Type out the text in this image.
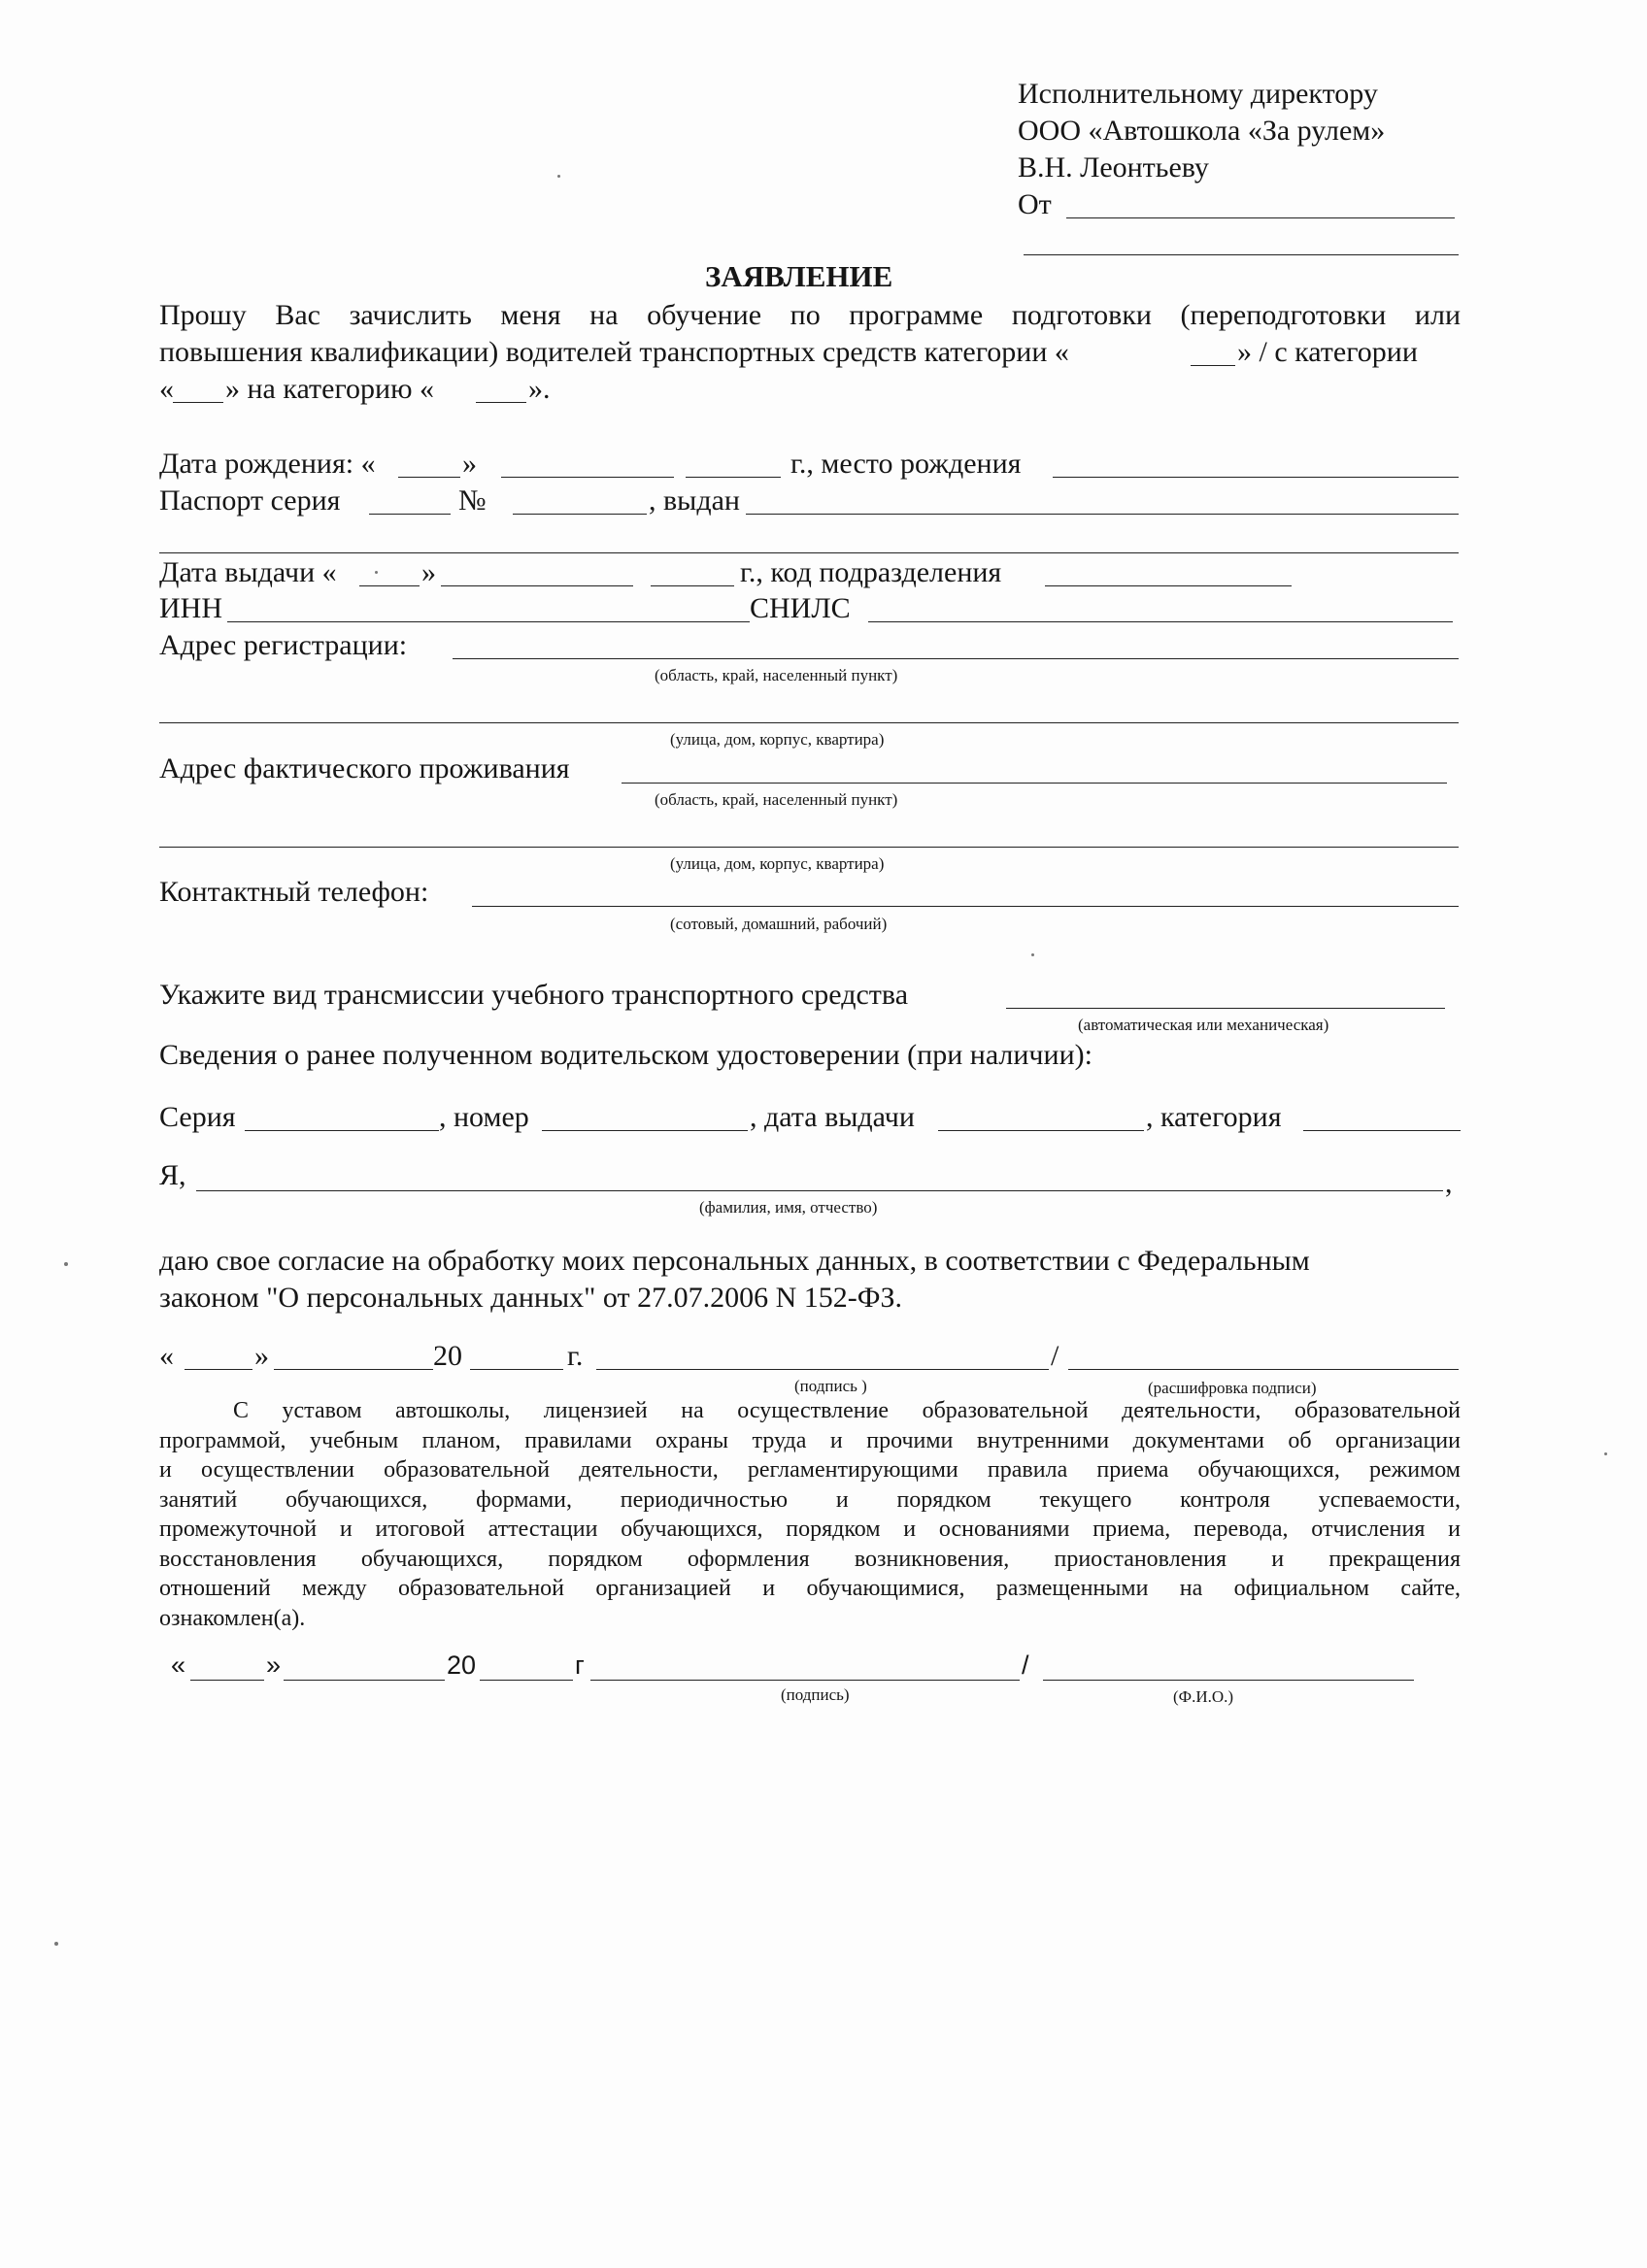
Исполнительному директору
ООО «Автошкола «За рулем»
В.Н. Леонтьеву
От
ЗАЯВЛЕНИЕ
Прошу Вас зачислить меня на обучение по программе подготовки (переподготовки или
повышения квалификации) водителей транспортных средств категории «	» / с категории
« » на категорию «	».
Дата рождения: «	»	г., место рождения
Паспорт серия	№	, выдан
Дата выдачи «	»	г., код подразделения
ИНН	СНИЛС
Адрес регистрации:
(область, край, населенный пункт)
(улица, дом, корпус, квартира)
Адрес фактического проживания
(область, край, населенный пункт)
(улица, дом, корпус, квартира)
Контактный телефон:
(сотовый, домашний, рабочий)
Укажите вид трансмиссии учебного транспортного средства
(автоматическая или механическая)
Сведения о ранее полученном водительском удостоверении (при наличии):
Серия	, номер	, дата выдачи	, категория
Я,	,
(фамилия, имя, отчество)
даю свое согласие на обработку моих персональных данных, в соответствии с Федеральным
законом "О персональных данных" от 27.07.2006 N 152-ФЗ.
«	»	20	г.	/
(подпись )	(расшифровка подписи)
С уставом автошколы, лицензией на осуществление образовательной деятельности, образовательной
программой, учебным планом, правилами охраны труда и прочими внутренними документами об организации
и осуществлении образовательной деятельности, регламентирующими правила приема обучающихся, режимом
занятий обучающихся, формами, периодичностью и порядком текущего контроля успеваемости,
промежуточной и итоговой аттестации обучающихся, порядком и основаниями приема, перевода, отчисления и
восстановления обучающихся, порядком оформления возникновения, приостановления и прекращения
отношений между образовательной организацией и обучающимися, размещенными на официальном сайте,
ознакомлен(а).
«	»	20	г	/
(подпись)	(Ф.И.О.)
